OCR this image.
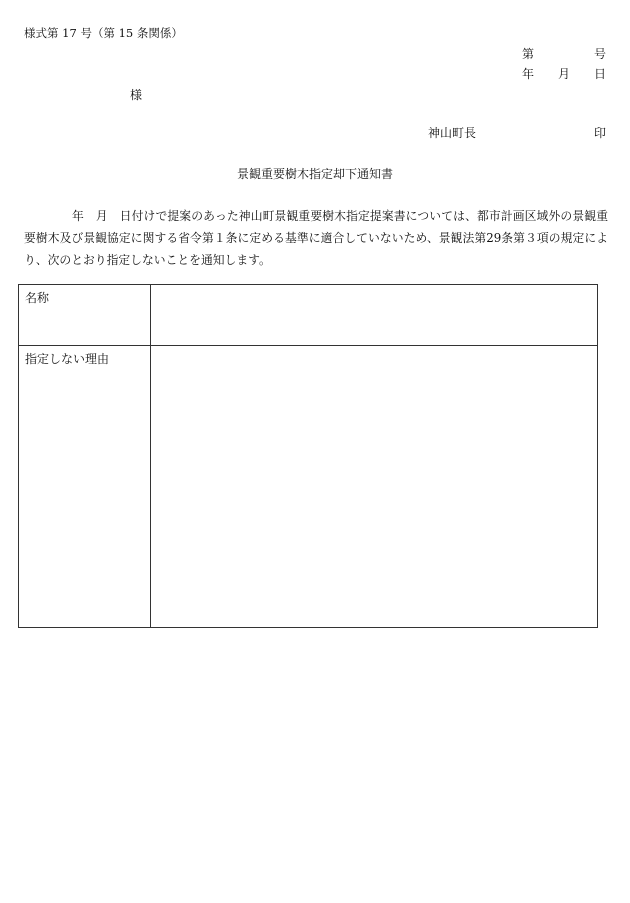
様式第 17 号（第 15 条関係）
第	号
年 月 日
様
神山町長	印
景観重要樹木指定却下通知書
年　月　日付けで提案のあった神山町景観重要樹木指定提案書については、都市計画区域外の景観重要樹木及び景観協定に関する省令第１条に定める基準に適合していないため、景観法第29条第３項の規定により、次のとおり指定しないことを通知します。
名称
指定しない理由
